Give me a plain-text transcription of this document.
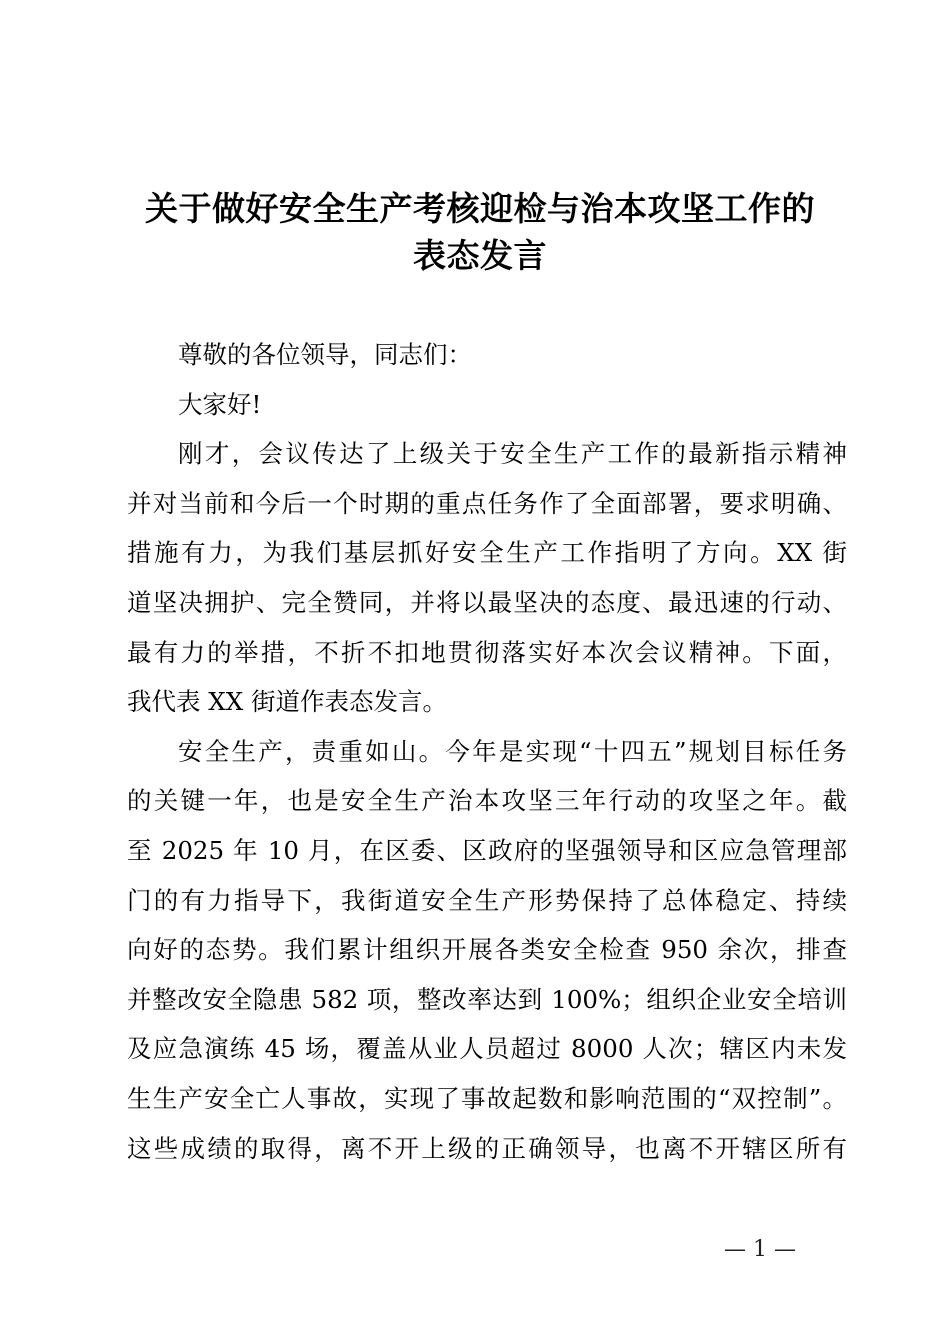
关于做好安全生产考核迎检与治本攻坚工作的
表态发言
尊敬的各位领导，同志们：
大家好!
刚才，会议传达了上级关于安全生产工作的最新指示精神
并对当前和今后一个时期的重点任务作了全面部署，要求明确、
措施有力，为我们基层抓好安全生产工作指明了方向。XX 街
道坚决拥护、完全赞同，并将以最坚决的态度、最迅速的行动、
最有力的举措，不折不扣地贯彻落实好本次会议精神。下面，
我代表 XX 街道作表态发言。
安全生产，责重如山。今年是实现“十四五”规划目标任务
的关键一年，也是安全生产治本攻坚三年行动的攻坚之年。截
至 2025 年 10 月，在区委、区政府的坚强领导和区应急管理部
门的有力指导下，我街道安全生产形势保持了总体稳定、持续
向好的态势。我们累计组织开展各类安全检查 950 余次，排查
并整改安全隐患 582 项，整改率达到 100%；组织企业安全培训
及应急演练 45 场，覆盖从业人员超过 8000 人次；辖区内未发
生生产安全亡人事故，实现了事故起数和影响范围的“双控制”。
这些成绩的取得，离不开上级的正确领导，也离不开辖区所有
— 1 —
